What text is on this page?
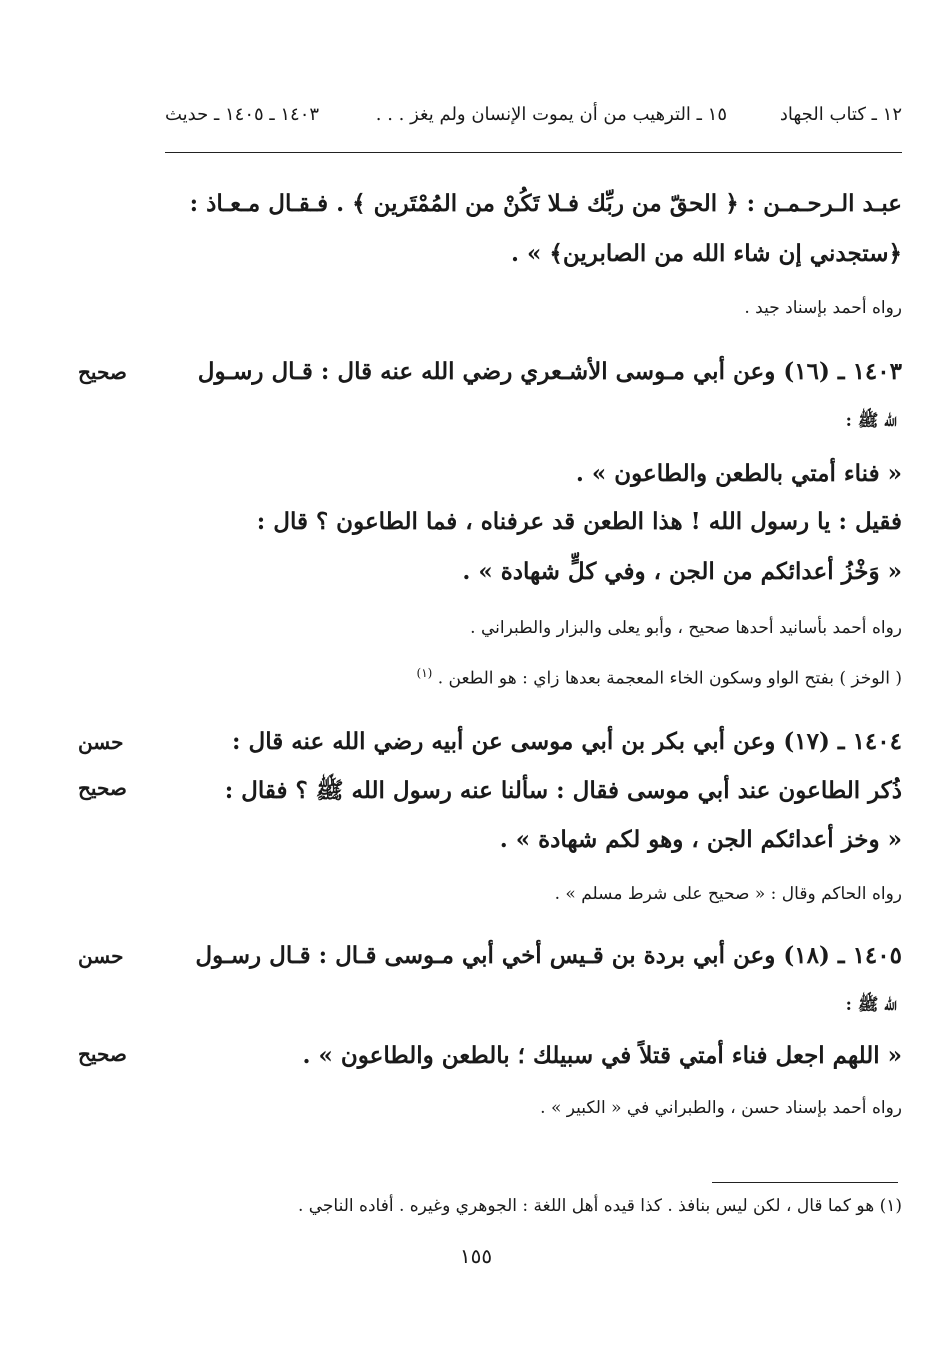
١٢ ـ كتاب الجهاد
١٥ ـ الترهيب من أن يموت الإنسان ولم يغز . . .
١٤٠٣ ـ ١٤٠٥ ـ حديث
عبـد الـرحـمـن : ﴿ الحقّ من ربِّك فـلا تَكُنْ من المُمْتَرين ﴾ . فـقـال مـعـاذ :
﴿ستجدني إن شاء الله من الصابرين﴾ » .
رواه أحمد بإسناد جيد .
١٤٠٣ ـ (١٦) وعن أبي مـوسى الأشـعري رضي الله عنه قال : قـال رسـول
صحيح
الله ﷺ :
« فناء أمتي بالطعن والطاعون » .
فقيل : يا رسول الله ! هذا الطعن قد عرفناه ، فما الطاعون ؟ قال :
« وَخْزُ أعدائكم من الجن ، وفي كلٍّ شهادة » .
رواه أحمد بأسانيد أحدها صحيح ، وأبو يعلى والبزار والطبراني .
( الوخز ) بفتح الواو وسكون الخاء المعجمة بعدها زاي : هو الطعن . $^{(١)}$
١٤٠٤ ـ (١٧) وعن أبي بكر بن أبي موسى عن أبيه رضي الله عنه قال :
حسن
ذُكر الطاعون عند أبي موسى فقال : سألنا عنه رسول الله ﷺ ؟ فقال :
صحيح
« وخز أعدائكم الجن ، وهو لكم شهادة » .
رواه الحاكم وقال : « صحيح على شرط مسلم » .
١٤٠٥ ـ (١٨) وعن أبي بردة بن قـيس أخي أبي مـوسى قـال : قـال رسـول
حسن
الله ﷺ :
« اللهم اجعل فناء أمتي قتلاً في سبيلك ؛ بالطعن والطاعون » .
صحيح
رواه أحمد بإسناد حسن ، والطبراني في « الكبير » .
(١) هو كما قال ، لكن ليس بنافذ . كذا قيده أهل اللغة : الجوهري وغيره . أفاده الناجي .
١٥٥
